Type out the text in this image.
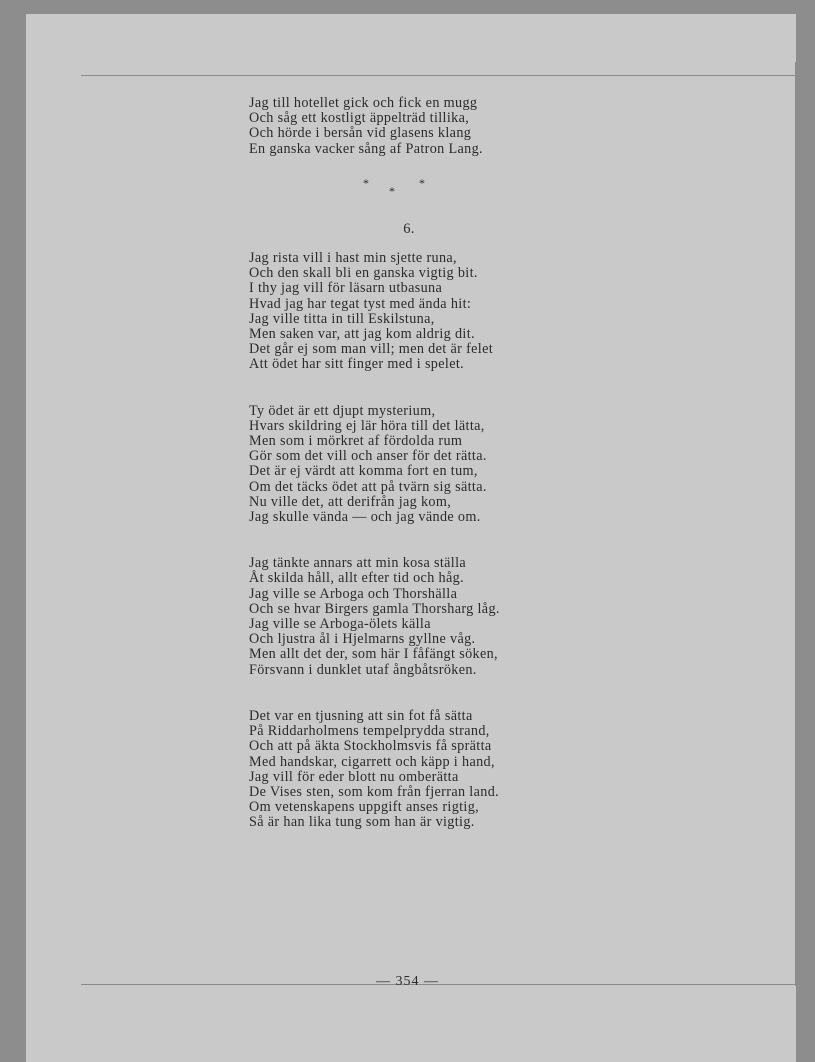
Jag till hotellet gick och fick en mugg
Och såg ett kostligt äppelträd tillika,
Och hörde i bersån vid glasens klang
En ganska vacker sång af Patron Lang.
*
*
*
6.
Jag rista vill i hast min sjette runa,
Och den skall bli en ganska vigtig bit.
I thy jag vill för läsarn utbasuna
Hvad jag har tegat tyst med ända hit:
Jag ville titta in till Eskilstuna,
Men saken var, att jag kom aldrig dit.
Det går ej som man vill; men det är felet
Att ödet har sitt finger med i spelet.
Ty ödet är ett djupt mysterium,
Hvars skildring ej lär höra till det lätta,
Men som i mörkret af fördolda rum
Gör som det vill och anser för det rätta.
Det är ej värdt att komma fort en tum,
Om det täcks ödet att på tvärn sig sätta.
Nu ville det, att derifrån jag kom,
Jag skulle vända — och jag vände om.
Jag tänkte annars att min kosa ställa
Åt skilda håll, allt efter tid och håg.
Jag ville se Arboga och Thorshälla
Och se hvar Birgers gamla Thorsharg låg.
Jag ville se Arboga-ölets källa
Och ljustra ål i Hjelmarns gyllne våg.
Men allt det der, som här I fåfängt söken,
Försvann i dunklet utaf ångbåtsröken.
Det var en tjusning att sin fot få sätta
På Riddarholmens tempelprydda strand,
Och att på äkta Stockholmsvis få sprätta
Med handskar, cigarrett och käpp i hand,
Jag vill för eder blott nu omberätta
De Vises sten, som kom från fjerran land.
Om vetenskapens uppgift anses rigtig,
Så är han lika tung som han är vigtig.
— 354 —
